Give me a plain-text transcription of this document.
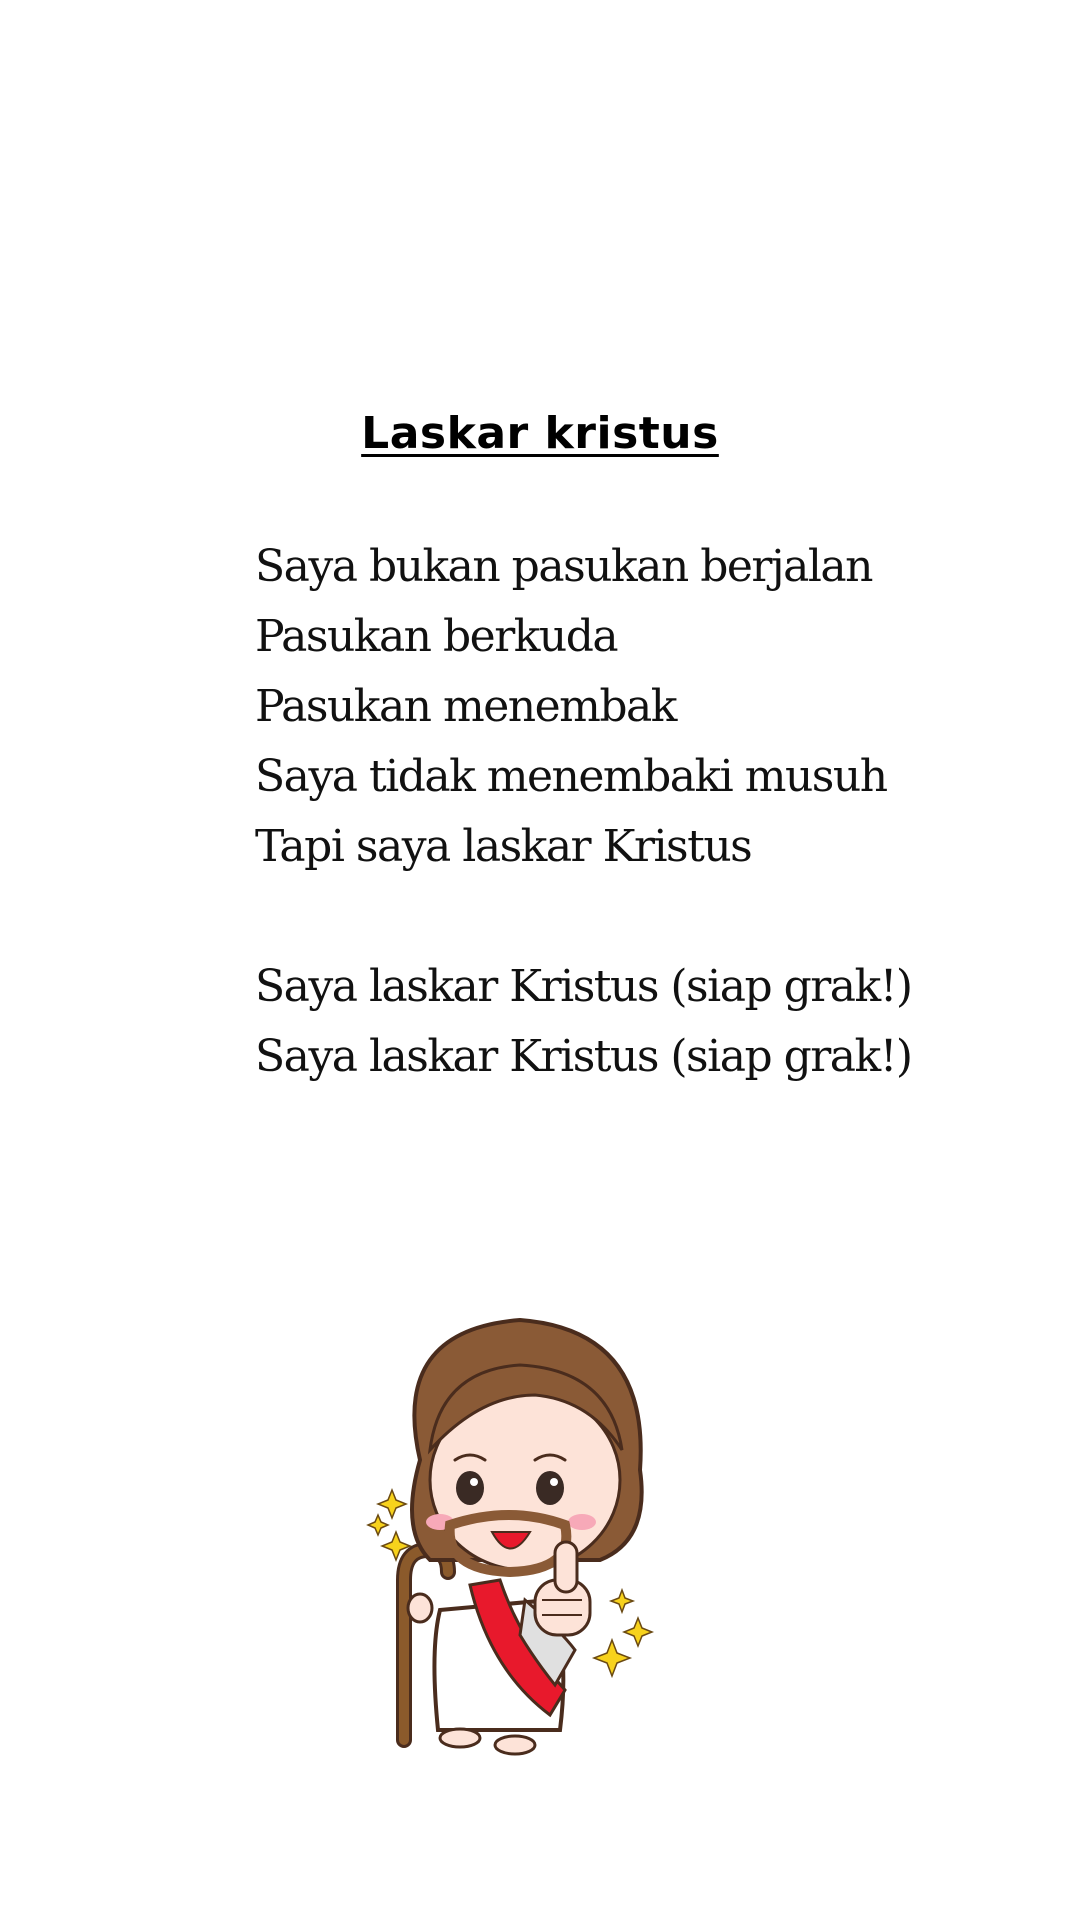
Laskar kristus
Saya bukan pasukan berjalan
Pasukan berkuda
Pasukan menembak
Saya tidak menembaki musuh
Tapi saya laskar Kristus
Saya laskar Kristus (siap grak!)
Saya laskar Kristus (siap grak!)
